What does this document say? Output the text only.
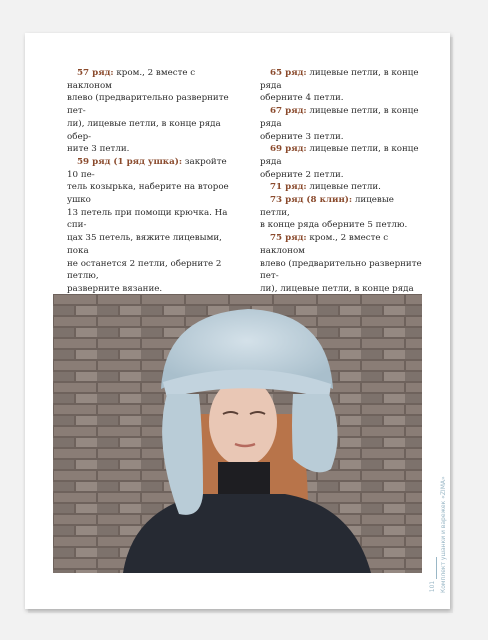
57 ряд: крoм., 2 вместе с наклоном
влево (предварительно разверните пет-
ли), лицевые петли, в конце ряда обер-
ните 3 петли.
59 ряд (1 ряд ушка): закройте 10 пе-
тель козырька, наберите на второе ушко
13 петель при помощи крючка. На спи-
цах 35 петель, вяжите лицевыми, пока
не останется 2 петли, оберните 2 петлю,
разверните вязание.

65 ряд: лицевые петли, в конце ряда
оберните 4 петли.
67 ряд: лицевые петли, в конце ряда
оберните 3 петли.
69 ряд: лицевые петли, в конце ряда
оберните 2 петли.
71 ряд: лицевые петли.
73 ряд (8 клин): лицевые петли,
в конце ряда оберните 5 петлю.
75 ряд: крoм., 2 вместе с наклоном
влево (предварительно разверните пет-
ли), лицевые петли, в конце ряда

Комплект ушанки и варежек «ZIMA»
101
